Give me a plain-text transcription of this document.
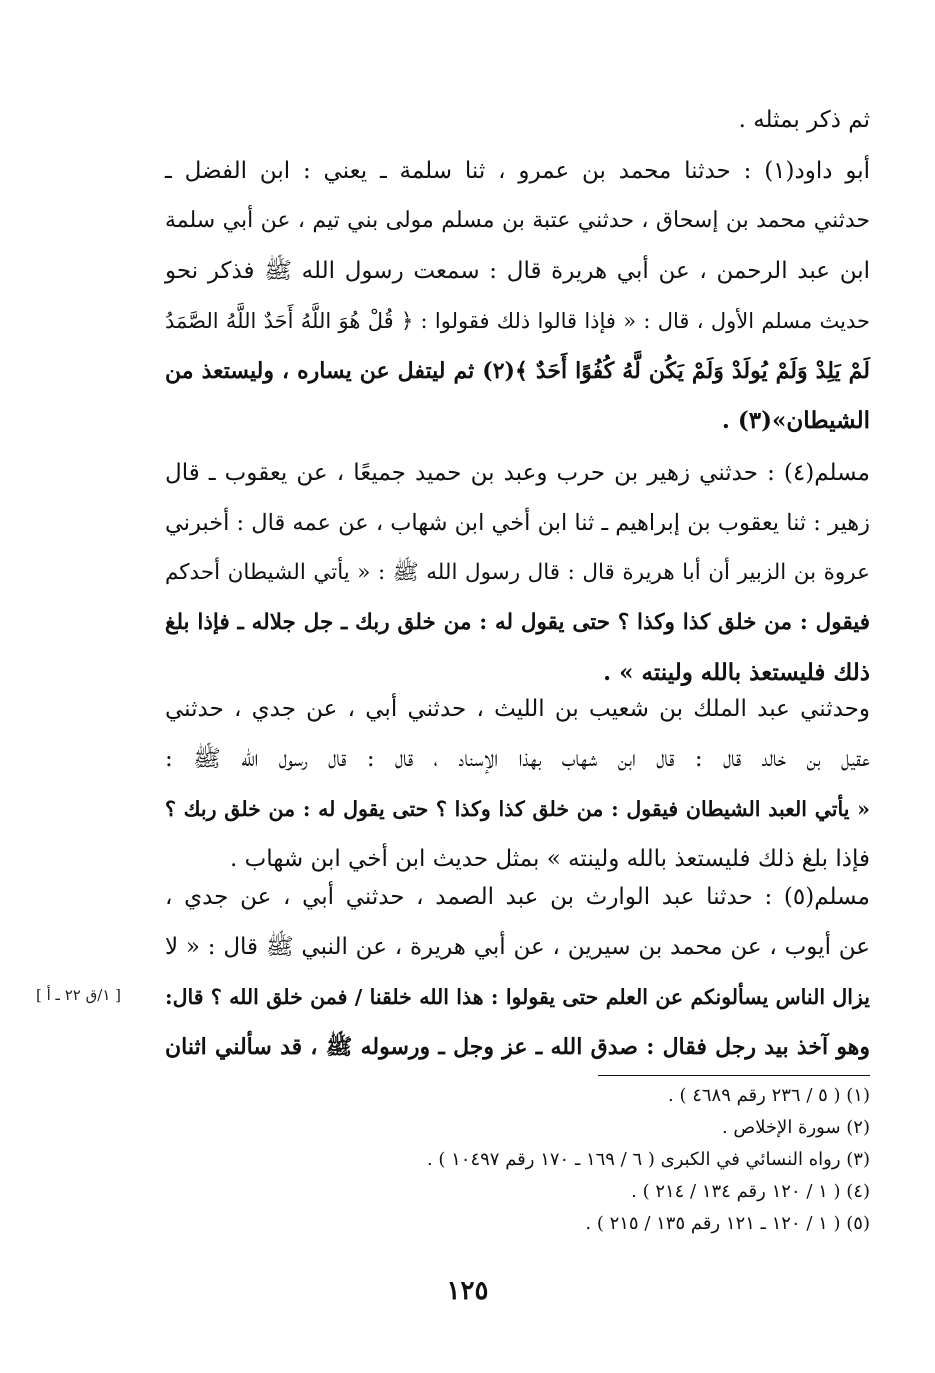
ثم ذكر بمثله .
أبو داود(١) : حدثنا محمد بن عمرو ، ثنا سلمة ـ يعني : ابن الفضل ـ
حدثني محمد بن إسحاق ، حدثني عتبة بن مسلم مولى بني تيم ، عن أبي سلمة
ابن عبد الرحمن ، عن أبي هريرة قال : سمعت رسول الله ﷺ فذكر نحو
حديث مسلم الأول ، قال : « فإذا قالوا ذلك فقولوا : ﴿ قُلْ هُوَ اللَّهُ أَحَدٌ اللَّهُ الصَّمَدُ
لَمْ يَلِدْ وَلَمْ يُولَدْ وَلَمْ يَكُن لَّهُ كُفُوًا أَحَدٌ ﴾(٢) ثم ليتفل عن يساره ، وليستعذ من
الشيطان»(٣) .
مسلم(٤) : حدثني زهير بن حرب وعبد بن حميد جميعًا ، عن يعقوب ـ قال
زهير : ثنا يعقوب بن إبراهيم ـ ثنا ابن أخي ابن شهاب ، عن عمه قال : أخبرني
عروة بن الزبير أن أبا هريرة قال : قال رسول الله ﷺ : « يأتي الشيطان أحدكم
فيقول : من خلق كذا وكذا ؟ حتى يقول له : من خلق ربك ـ جل جلاله ـ فإذا بلغ
ذلك فليستعذ بالله ولينته » .
وحدثني عبد الملك بن شعيب بن الليث ، حدثني أبي ، عن جدي ، حدثني
عقيل بن خالد قال : قال ابن شهاب بهذا الإسناد ، قال : قال رسول الله ﷺ :
« يأتي العبد الشيطان فيقول : من خلق كذا وكذا ؟ حتى يقول له : من خلق ربك ؟
فإذا بلغ ذلك فليستعذ بالله ولينته » بمثل حديث ابن أخي ابن شهاب .
مسلم(٥) : حدثنا عبد الوارث بن عبد الصمد ، حدثني أبي ، عن جدي ،
عن أيوب ، عن محمد بن سيرين ، عن أبي هريرة ، عن النبي ﷺ قال : « لا
يزال الناس يسألونكم عن العلم حتى يقولوا : هذا الله خلقنا / فمن خلق الله ؟ قال:
وهو آخذ بيد رجل فقال : صدق الله ـ عز وجل ـ ورسوله ﷺ ، قد سألني اثنان
[ ١/ق ٢٢ ـ أ ]
(١) ( ٥ / ٢٣٦ رقم ٤٦٨٩ ) .
(٢) سورة الإخلاص .
(٣) رواه النسائي في الكبرى ( ٦ / ١٦٩ ـ ١٧٠ رقم ١٠٤٩٧ ) .
(٤) ( ١ / ١٢٠ رقم ١٣٤ / ٢١٤ ) .
(٥) ( ١ / ١٢٠ ـ ١٢١ رقم ١٣٥ / ٢١٥ ) .
١٢٥
